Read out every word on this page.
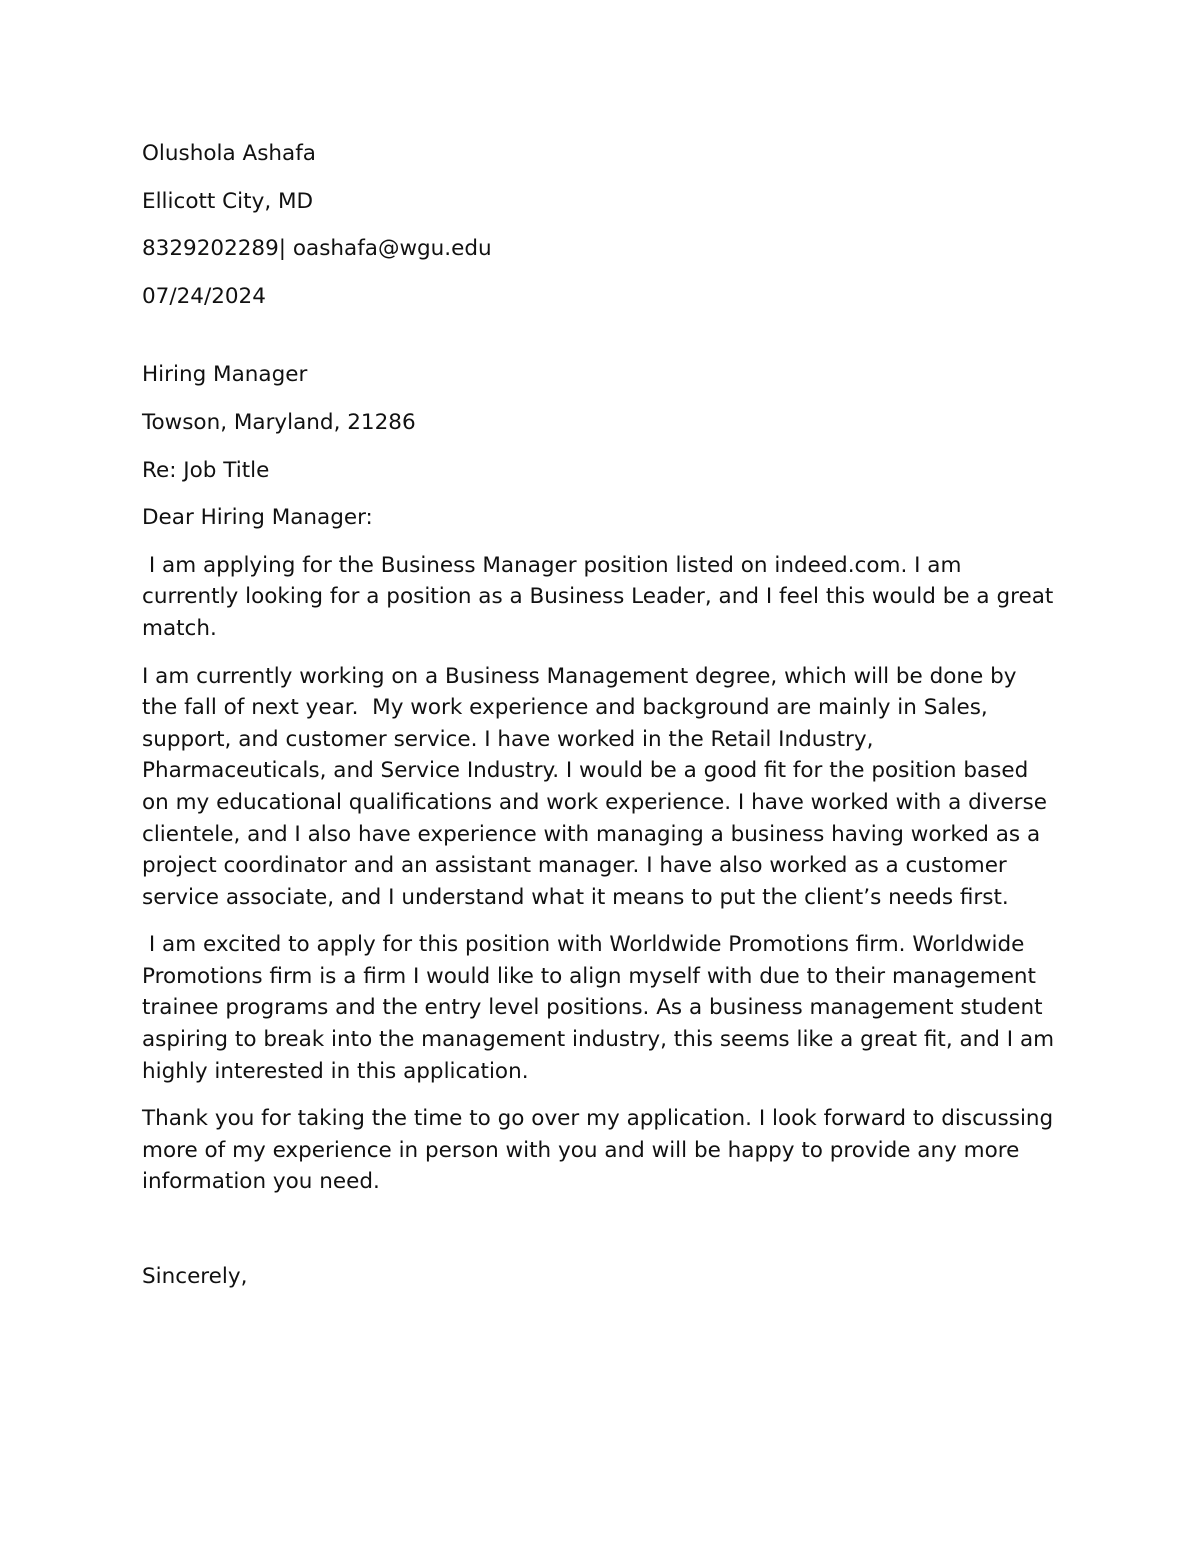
Olushola Ashafa

Ellicott City, MD

8329202289| oashafa@wgu.edu

07/24/2024

Hiring Manager

Towson, Maryland, 21286

Re: Job Title

Dear Hiring Manager:

I am applying for the Business Manager position listed on indeed.com. I am currently looking for a position as a Business Leader, and I feel this would be a great match.

I am currently working on a Business Management degree, which will be done by the fall of next year.  My work experience and background are mainly in Sales, support, and customer service. I have worked in the Retail Industry, Pharmaceuticals, and Service Industry. I would be a good fit for the position based on my educational qualifications and work experience. I have worked with a diverse clientele, and I also have experience with managing a business having worked as a project coordinator and an assistant manager. I have also worked as a customer service associate, and I understand what it means to put the client’s needs first.

I am excited to apply for this position with Worldwide Promotions firm. Worldwide Promotions firm is a firm I would like to align myself with due to their management trainee programs and the entry level positions. As a business management student aspiring to break into the management industry, this seems like a great fit, and I am highly interested in this application.

Thank you for taking the time to go over my application. I look forward to discussing more of my experience in person with you and will be happy to provide any more information you need.

Sincerely,
